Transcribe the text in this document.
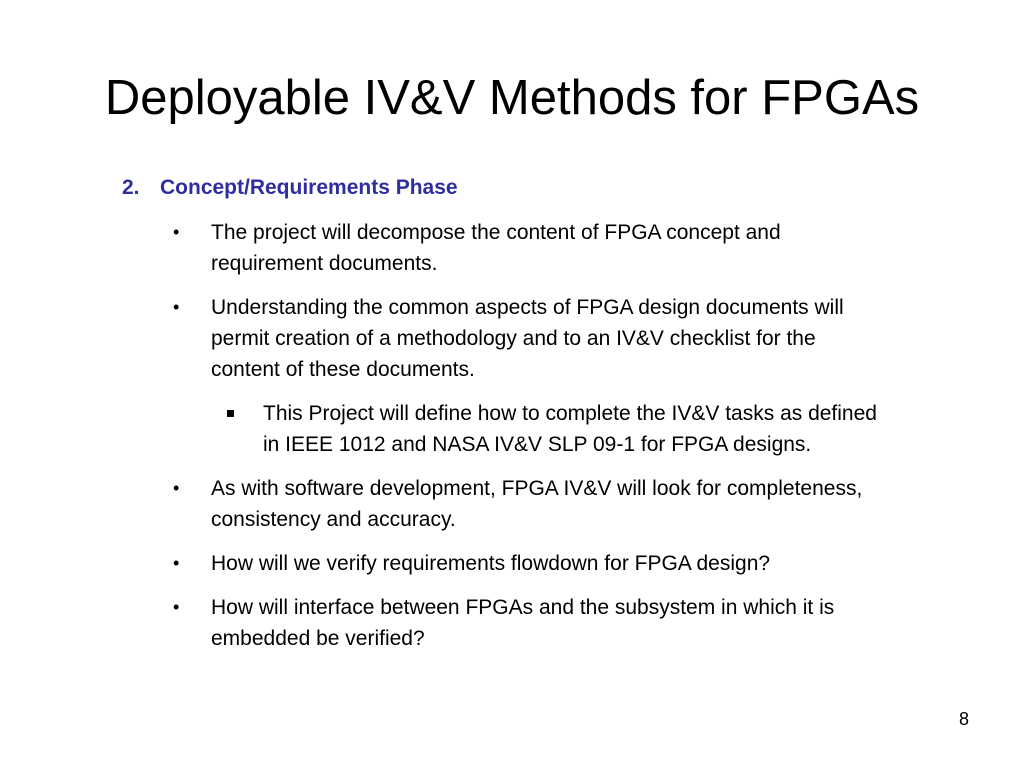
Deployable IV&V Methods for FPGAs
2. Concept/Requirements Phase
• The project will decompose the content of FPGA concept and requirement documents.
• Understanding the common aspects of FPGA design documents will permit creation of a methodology and to an IV&V checklist for the content of these documents.
This Project will define how to complete the IV&V tasks as defined in IEEE 1012 and NASA IV&V SLP 09-1 for FPGA designs.
• As with software development, FPGA IV&V will look for completeness, consistency and accuracy.
• How will we verify requirements flowdown for FPGA design?
• How will interface between FPGAs and the subsystem in which it is embedded be verified?
8
